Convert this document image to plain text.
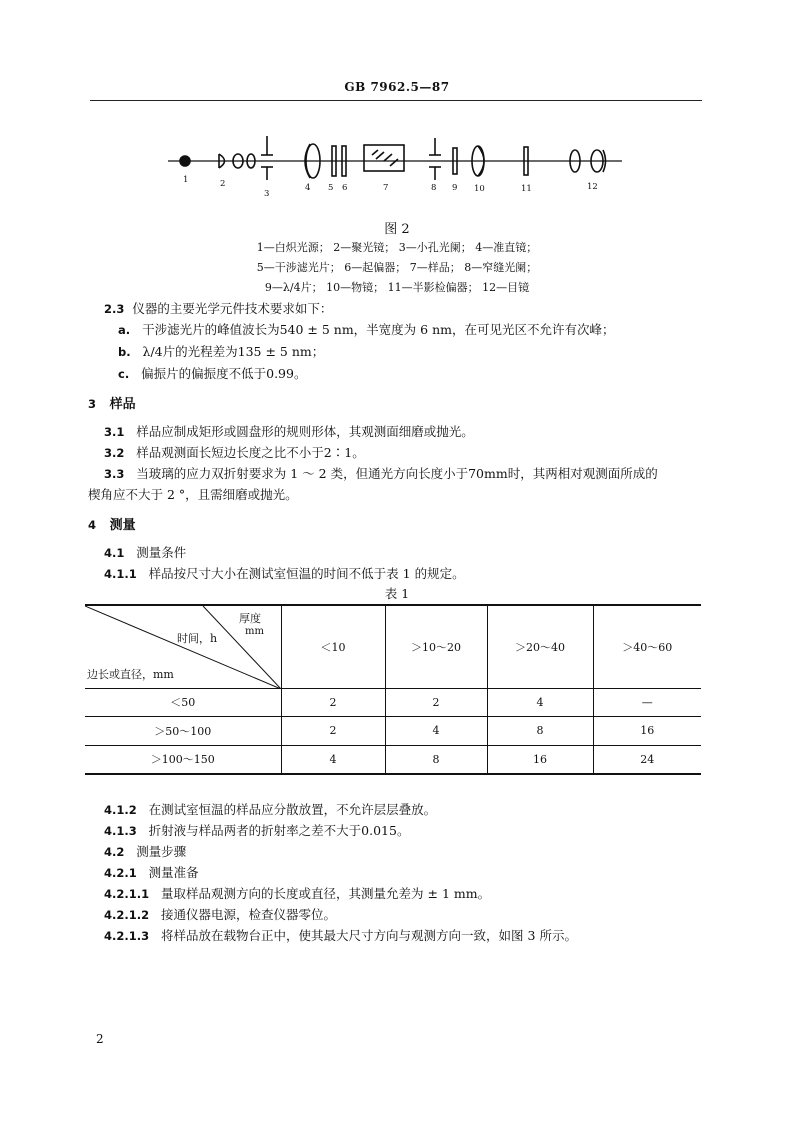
GB 7962.5—87
1	2
3
4 5 6	7	8 9 10	11	12
图 2
1—白炽光源； 2—聚光镜； 3—小孔光阑； 4—准直镜；
5—干涉滤光片； 6—起偏器； 7—样品； 8—窄缝光阑；
9—λ/4片； 10—物镜； 11—半影检偏器； 12—目镜
2.3 仪器的主要光学元件技术要求如下：
a. 干涉滤光片的峰值波长为540 ± 5 nm，半宽度为 6 nm，在可见光区不允许有次峰；
b. λ/4片的光程差为135 ± 5 nm；
c. 偏振片的偏振度不低于0.99。
3 样品
3.1 样品应制成矩形或圆盘形的规则形体，其观测面细磨或抛光。
3.2 样品观测面长短边长度之比不小于2∶1。
3.3 当玻璃的应力双折射要求为 1 ～ 2 类，但通光方向长度小于70mm时，其两相对观测面所成的
楔角应不大于 2 °，且需细磨或抛光。
4 测量
4.1 测量条件
4.1.1 样品按尺寸大小在测试室恒温的时间不低于表 1 的规定。
表 1
厚度
mm
时间，h
边长或直径，mm	＜10	＞10～20	＞20～40	＞40～60
＜50	2	2	4	—
＞50～100	2	4	8	16
＞100～150	4	8	16	24
4.1.2 在测试室恒温的样品应分散放置，不允许层层叠放。
4.1.3 折射液与样品两者的折射率之差不大于0.015。
4.2 测量步骤
4.2.1 测量准备
4.2.1.1 量取样品观测方向的长度或直径，其测量允差为 ± 1 mm。
4.2.1.2 接通仪器电源，检查仪器零位。
4.2.1.3 将样品放在载物台正中，使其最大尺寸方向与观测方向一致，如图 3 所示。
2
